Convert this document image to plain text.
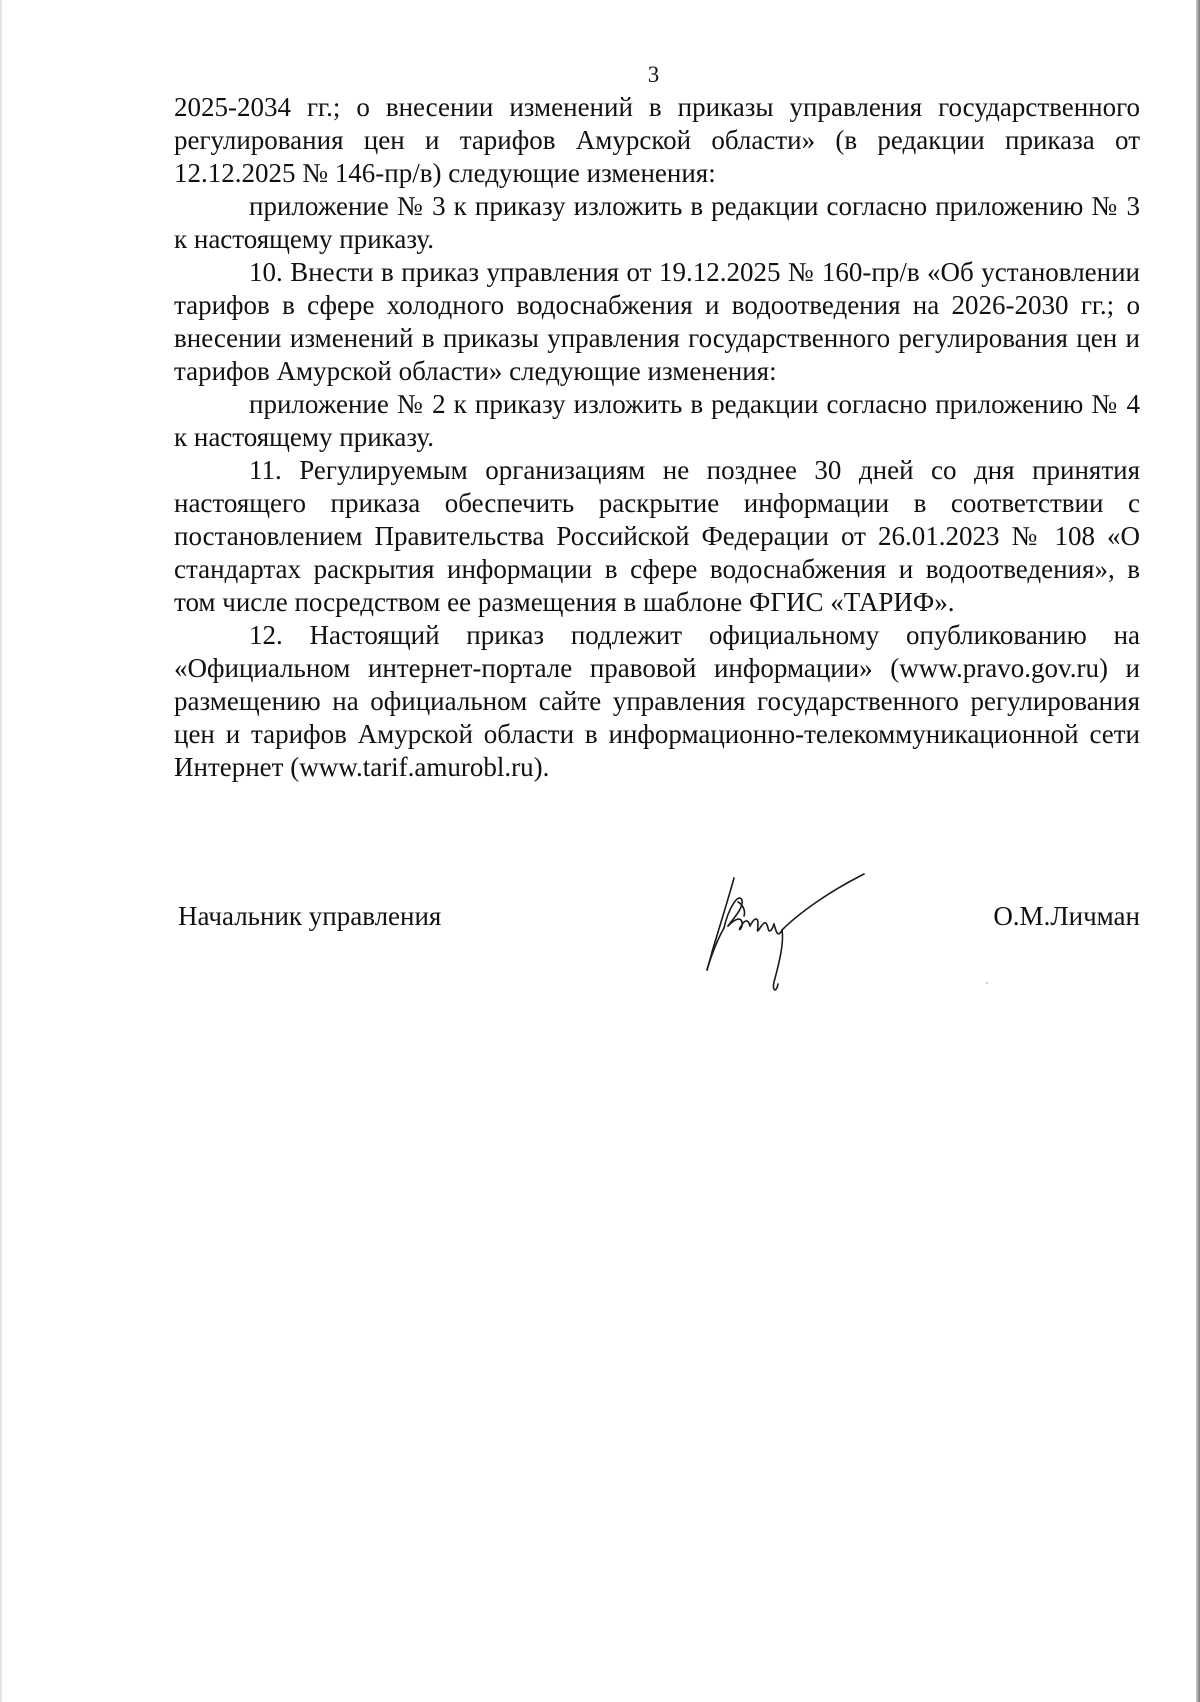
3

2025-2034 гг.; о внесении изменений в приказы управления государственного регулирования цен и тарифов Амурской области» (в редакции приказа от 12.12.2025 № 146-пр/в) следующие изменения:

приложение № 3 к приказу изложить в редакции согласно приложению № 3 к настоящему приказу.

10. Внести в приказ управления от 19.12.2025 № 160-пр/в «Об установлении тарифов в сфере холодного водоснабжения и водоотведения на 2026-2030 гг.; о внесении изменений в приказы управления государственного регулирования цен и тарифов Амурской области» следующие изменения:

приложение № 2 к приказу изложить в редакции согласно приложению № 4 к настоящему приказу.

11. Регулируемым организациям не позднее 30 дней со дня принятия настоящего приказа обеспечить раскрытие информации в соответствии с постановлением Правительства Российской Федерации от 26.01.2023 № 108 «О стандартах раскрытия информации в сфере водоснабжения и водоотведения», в том числе посредством ее размещения в шаблоне ФГИС «ТАРИФ».

12. Настоящий приказ подлежит официальному опубликованию на «Официальном интернет-портале правовой информации» (www.pravo.gov.ru) и размещению на официальном сайте управления государственного регулирования цен и тарифов Амурской области в информационно-телекоммуникационной сети Интернет (www.tarif.amurobl.ru).

Начальник управления	О.М.Личман
